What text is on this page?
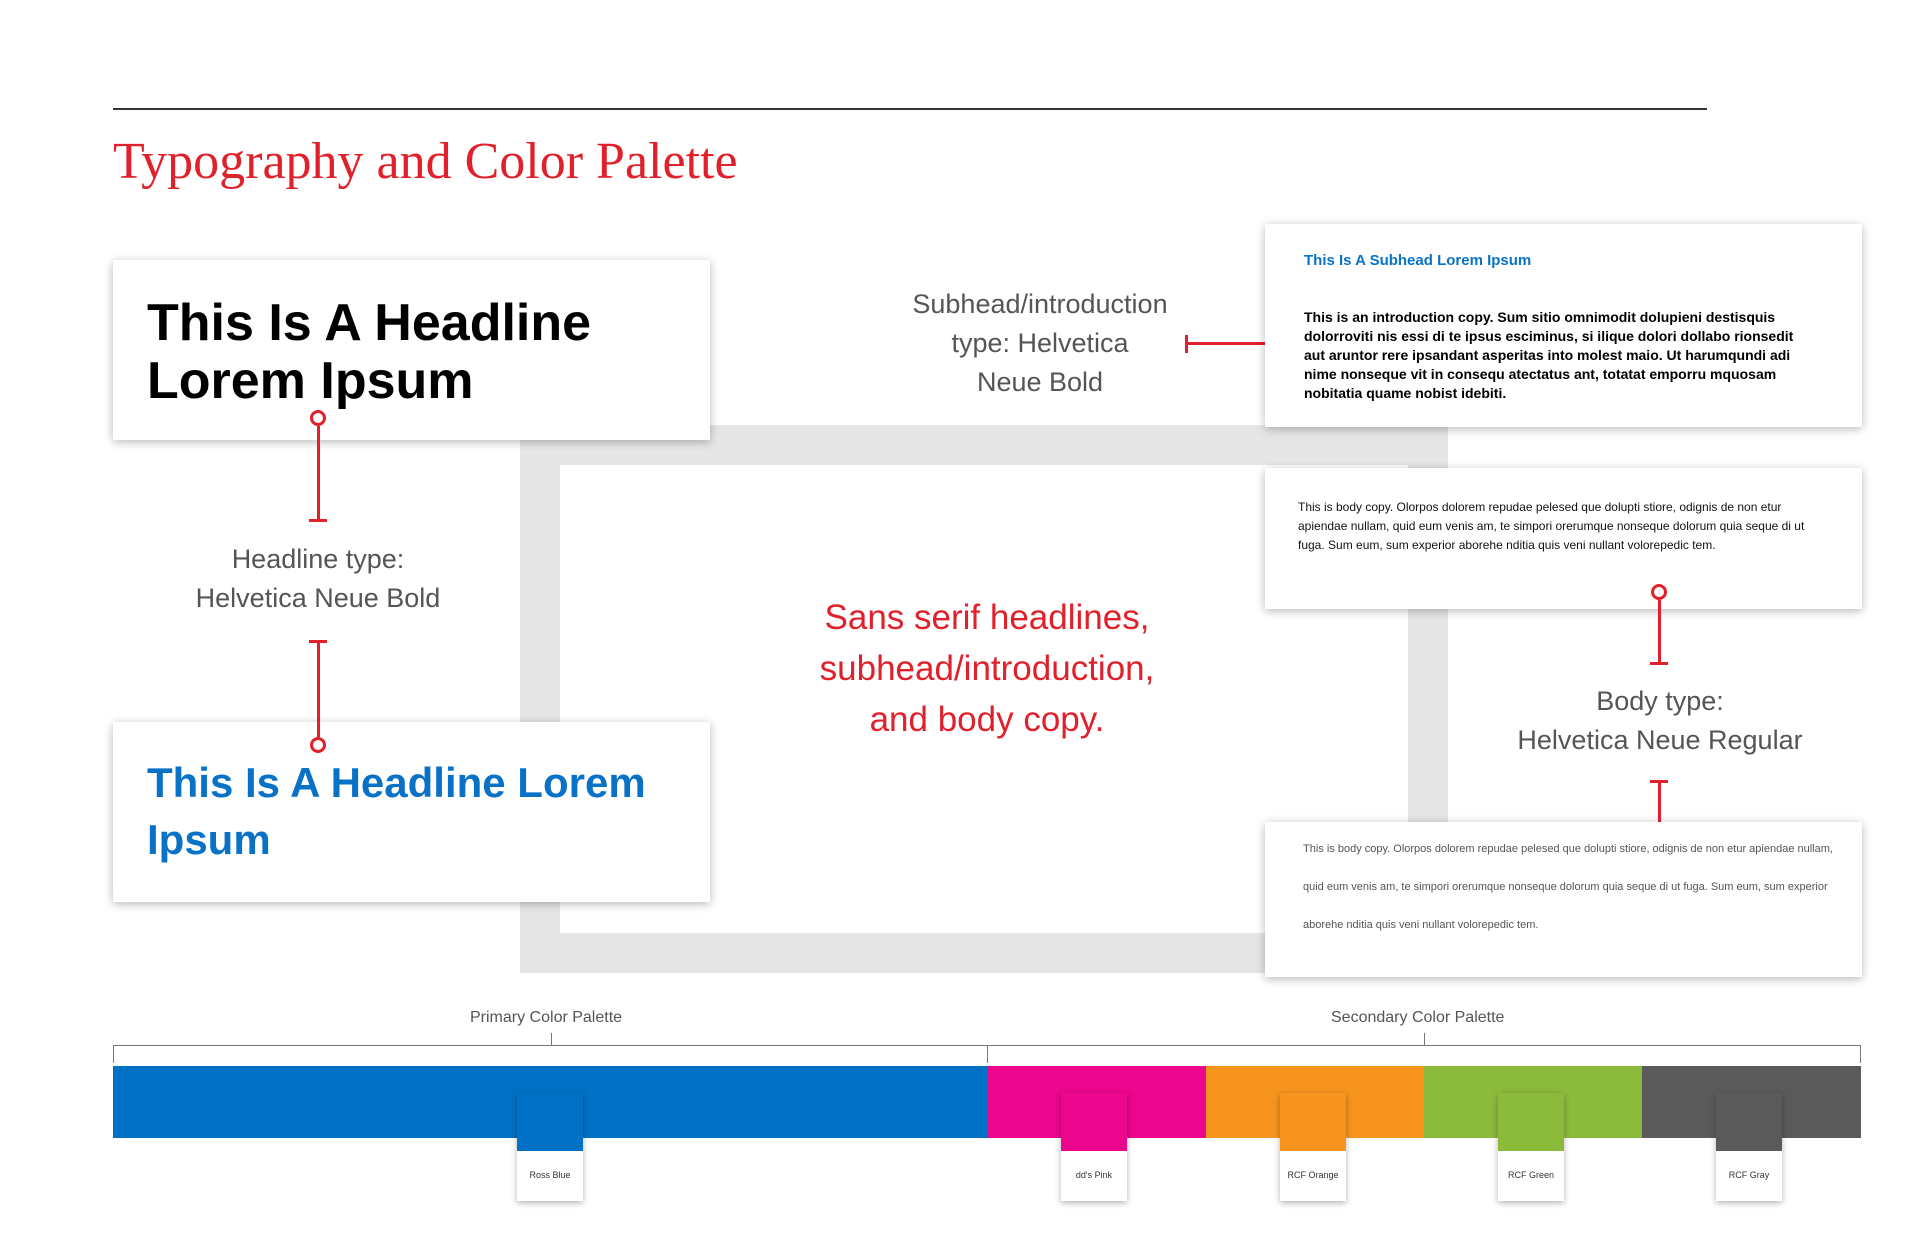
Typography and Color Palette
Sans serif headlines,
subhead/introduction,
and body copy.

This Is A Headline Lorem Ipsum

This Is A Headline Lorem Ipsum

Headline type:
Helvetica Neue Bold
Subhead/introduction
type: Helvetica
Neue Bold
This Is A Subhead Lorem Ipsum
This is an introduction copy. Sum sitio omnimodit dolupieni destisquis dolorroviti nis essi di te ipsus esciminus, si ilique dolori dollabo rionsedit aut aruntor rere ipsandant asperitas into molest maio. Ut harumqundi adi nime nonseque vit in consequ atectatus ant, totatat emporru mquosam nobitatia quame nobist idebiti.
This is body copy. Olorpos dolorem repudae pelesed que dolupti stiore, odignis de non etur apiendae nullam, quid eum venis am, te simpori orerumque nonseque dolorum quia seque di ut fuga. Sum eum, sum experior aborehe nditia quis veni nullant volorepedic tem.
Body type:
Helvetica Neue Regular
This is body copy. Olorpos dolorem repudae pelesed que dolupti stiore, odignis de non etur apiendae nullam, quid eum venis am, te simpori orerumque nonseque dolorum quia seque di ut fuga. Sum eum, sum experior aborehe nditia quis veni nullant volorepedic tem.
Primary Color Palette	Secondary Color Palette
Ross Blue	dd's Pink	RCF Orange	RCF Green	RCF Gray
